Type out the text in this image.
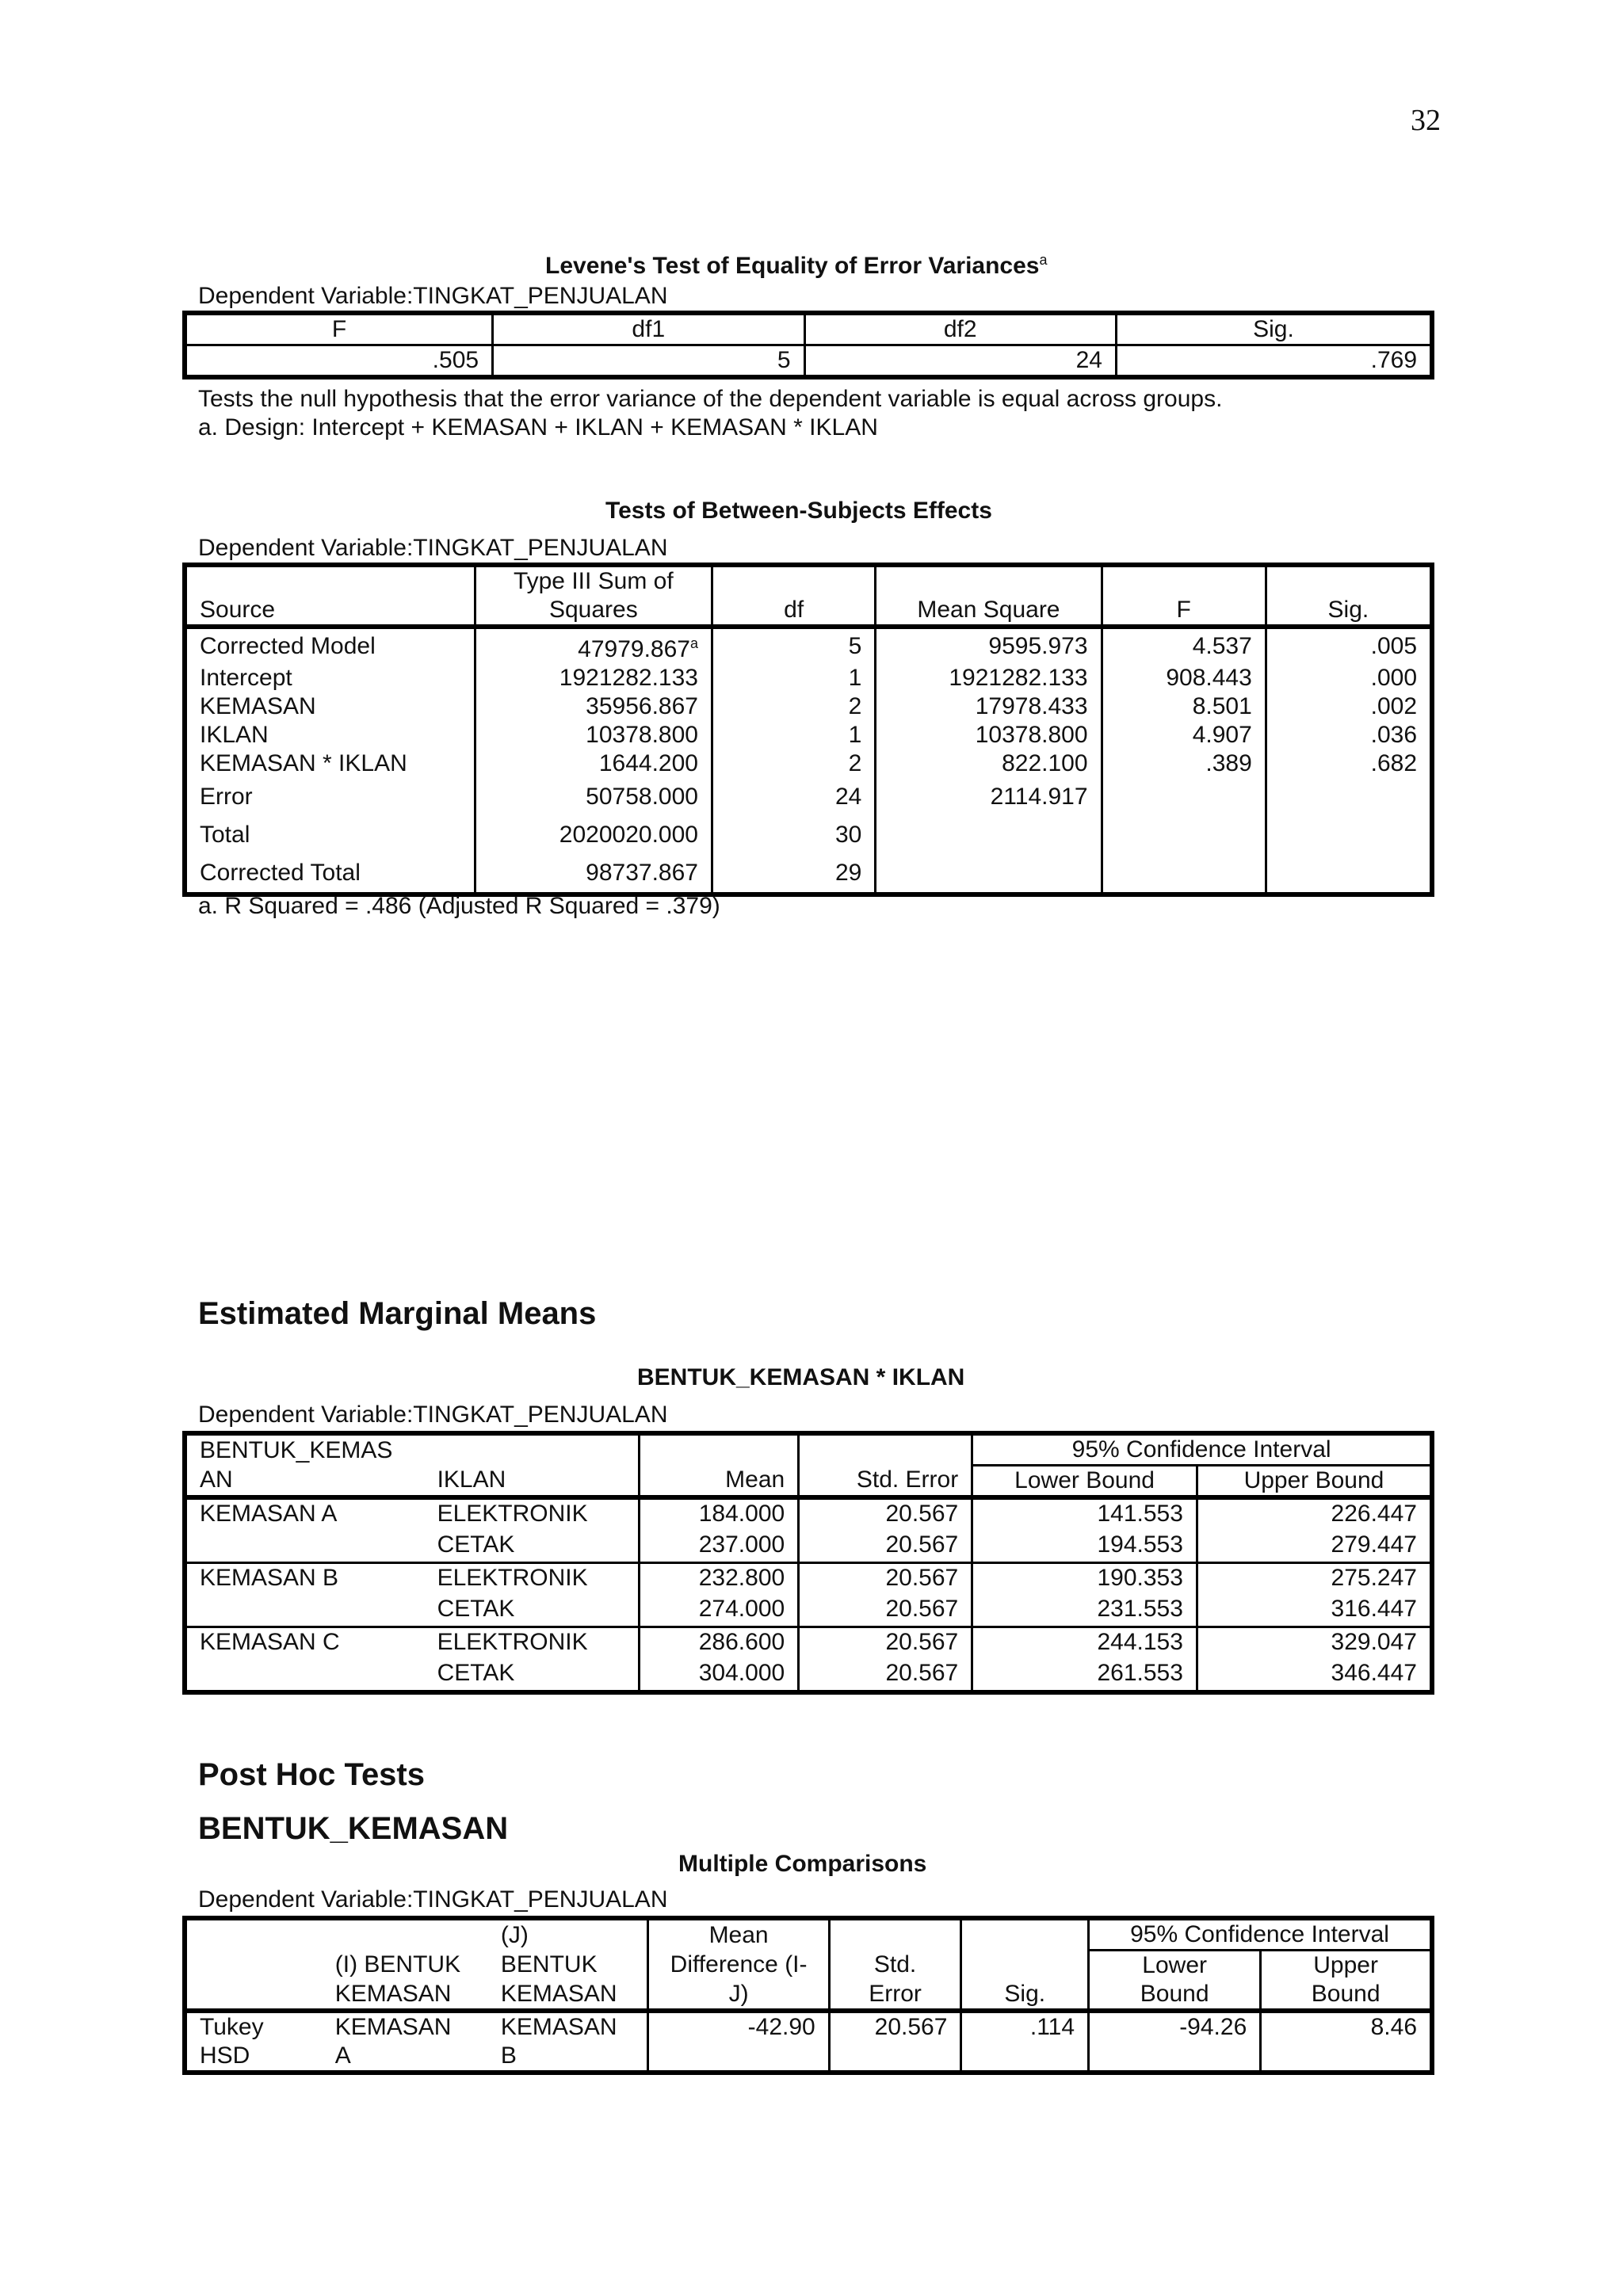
32
Levene's Test of Equality of Error Variances$^a$
Dependent Variable:TINGKAT_PENJUALAN
F	df1	df2	Sig.
.505	5	24	.769
Tests the null hypothesis that the error variance of the dependent variable is equal across groups.
a. Design: Intercept + KEMASAN + IKLAN + KEMASAN * IKLAN
Tests of Between-Subjects Effects
Dependent Variable:TINGKAT_PENJUALAN
	Type III Sum of				
Source	Squares	df	Mean Square	F	Sig.
Corrected Model	47979.867$^a$	5	9595.973	4.537	.005
Intercept	1921282.133	1	1921282.133	908.443	.000
KEMASAN	35956.867	2	17978.433	8.501	.002
IKLAN	10378.800	1	10378.800	4.907	.036
KEMASAN * IKLAN	1644.200	2	822.100	.389	.682
Error	50758.000	24	2114.917		
Total	2020020.000	30			
Corrected Total	98737.867	29			
a. R Squared = .486 (Adjusted R Squared = .379)
Estimated Marginal Means
BENTUK_KEMASAN * IKLAN
Dependent Variable:TINGKAT_PENJUALAN
BENTUK_KEMAS				95% Confidence Interval	
AN	IKLAN	Mean	Std. Error	Lower Bound	Upper Bound
KEMASAN A	ELEKTRONIK	184.000	20.567	141.553	226.447
	CETAK	237.000	20.567	194.553	279.447
KEMASAN B	ELEKTRONIK	232.800	20.567	190.353	275.247
	CETAK	274.000	20.567	231.553	316.447
KEMASAN C	ELEKTRONIK	286.600	20.567	244.153	329.047
	CETAK	304.000	20.567	261.553	346.447
Post Hoc Tests
BENTUK_KEMASAN
Multiple Comparisons
Dependent Variable:TINGKAT_PENJUALAN
		(J)	Mean			95% Confidence Interval	
	(I) BENTUK	BENTUK	Difference (I-	Std.		Lower	Upper
	KEMASAN	KEMASAN	J)	Error	Sig.	Bound	Bound
Tukey	KEMASAN	KEMASAN	-42.90	20.567	.114	-94.26	8.46
HSD	A	B					
